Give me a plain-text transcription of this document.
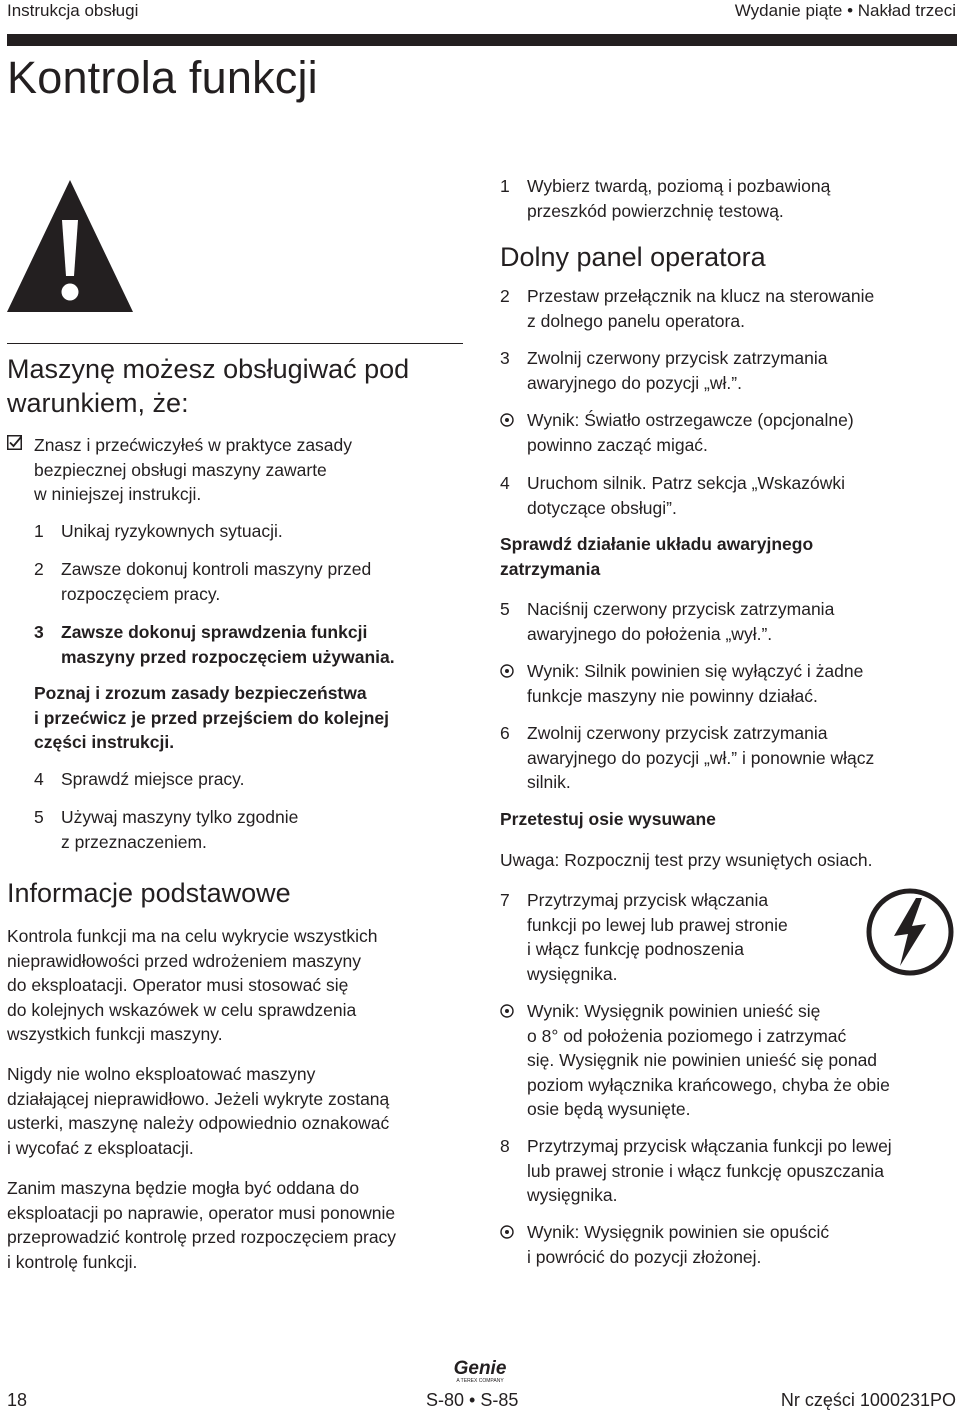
Instrukcja obsługi	Wydanie piąte • Nakład trzeci
Kontrola funkcji
Maszynę możesz obsługiwać pod
warunkiem, że:
Znasz i przećwiczyłeś w praktyce zasady
bezpiecznej obsługi maszyny zawarte
w niniejszej instrukcji.
1 Unikaj ryzykownych sytuacji.
2 Zawsze dokonuj kontroli maszyny przed
rozpoczęciem pracy.
3 Zawsze dokonuj sprawdzenia funkcji
maszyny przed rozpoczęciem używania.
Poznaj i zrozum zasady bezpieczeństwa
i przećwicz je przed przejściem do kolejnej
części instrukcji.
4 Sprawdź miejsce pracy.
5 Używaj maszyny tylko zgodnie
z przeznaczeniem.
Informacje podstawowe
Kontrola funkcji ma na celu wykrycie wszystkich
nieprawidłowości przed wdrożeniem maszyny
do eksploatacji. Operator musi stosować się
do kolejnych wskazówek w celu sprawdzenia
wszystkich funkcji maszyny.
Nigdy nie wolno eksploatować maszyny
działającej nieprawidłowo. Jeżeli wykryte zostaną
usterki, maszynę należy odpowiednio oznakować
i wycofać z eksploatacji.
Zanim maszyna będzie mogła być oddana do
eksploatacji po naprawie, operator musi ponownie
przeprowadzić kontrolę przed rozpoczęciem pracy
i kontrolę funkcji.
1 Wybierz twardą, poziomą i pozbawioną
przeszkód powierzchnię testową.
Dolny panel operatora
2 Przestaw przełącznik na klucz na sterowanie
z dolnego panelu operatora.
3 Zwolnij czerwony przycisk zatrzymania
awaryjnego do pozycji „wł.”.
Wynik: Światło ostrzegawcze (opcjonalne)
powinno zacząć migać.
4 Uruchom silnik. Patrz sekcja „Wskazówki
dotyczące obsługi”.
Sprawdź działanie układu awaryjnego
zatrzymania
5 Naciśnij czerwony przycisk zatrzymania
awaryjnego do położenia „wył.”.
Wynik: Silnik powinien się wyłączyć i żadne
funkcje maszyny nie powinny działać.
6 Zwolnij czerwony przycisk zatrzymania
awaryjnego do pozycji „wł.” i ponownie włącz
silnik.
Przetestuj osie wysuwane
Uwaga: Rozpocznij test przy wsuniętych osiach.
7 Przytrzymaj przycisk włączania
funkcji po lewej lub prawej stronie
i włącz funkcję podnoszenia
wysięgnika.
Wynik: Wysięgnik powinien unieść się
o 8° od położenia poziomego i zatrzymać
się. Wysięgnik nie powinien unieść się ponad
poziom wyłącznika krańcowego, chyba że obie
osie będą wysunięte.
8 Przytrzymaj przycisk włączania funkcji po lewej
lub prawej stronie i włącz funkcję opuszczania
wysięgnika.
Wynik: Wysięgnik powinien sie opuścić
i powrócić do pozycji złożonej.
Genie
A TEREX COMPANY
18	S-80 • S-85	Nr części 1000231PO
